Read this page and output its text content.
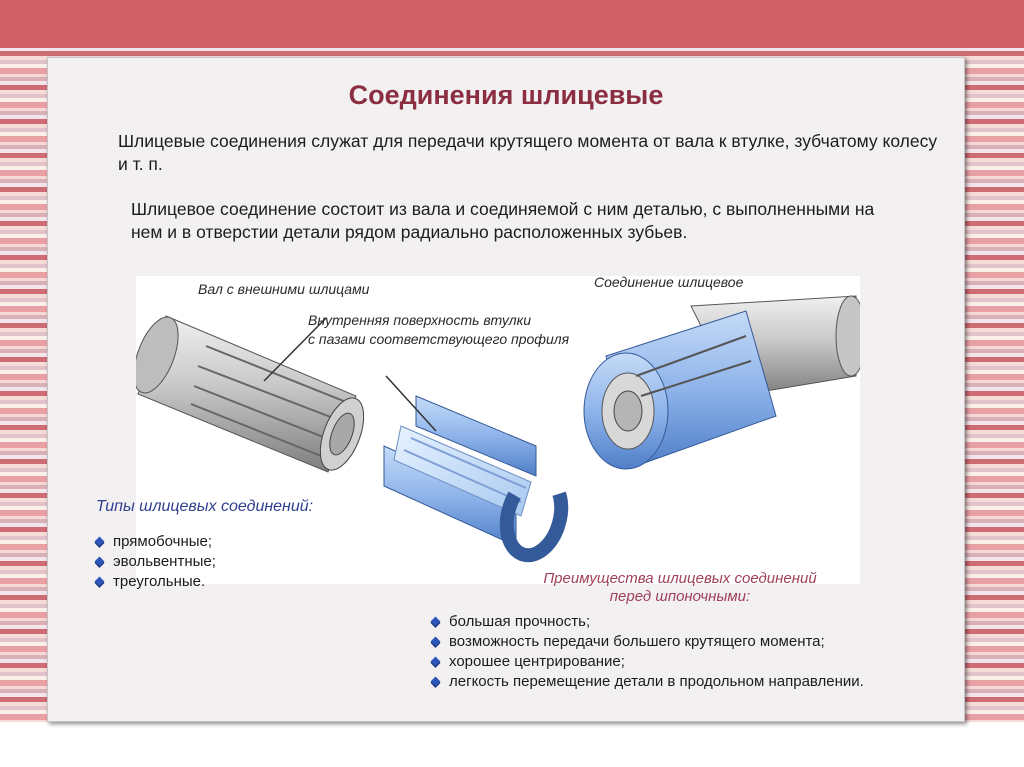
Соединения шлицевые
Шлицевые соединения служат для передачи крутящего момента от вала к втулке, зубчатому колесу и т. п.
Шлицевое соединение состоит из вала и соединяемой с ним деталью, с выполненными на нем и в отверстии детали рядом радиально расположенных зубьев.
Вал с внешними шлицами
Внутренняя поверхность втулки
с пазами соответствующего профиля
Соединение шлицевое
Типы шлицевых соединений:
прямобочные;
эвольвентные;
треугольные.	Преимущества шлицевых соединений
перед шпоночными:
большая прочность;
возможность передачи большего крутящего момента;
хорошее центрирование;
легкость перемещение детали в продольном направлении.
